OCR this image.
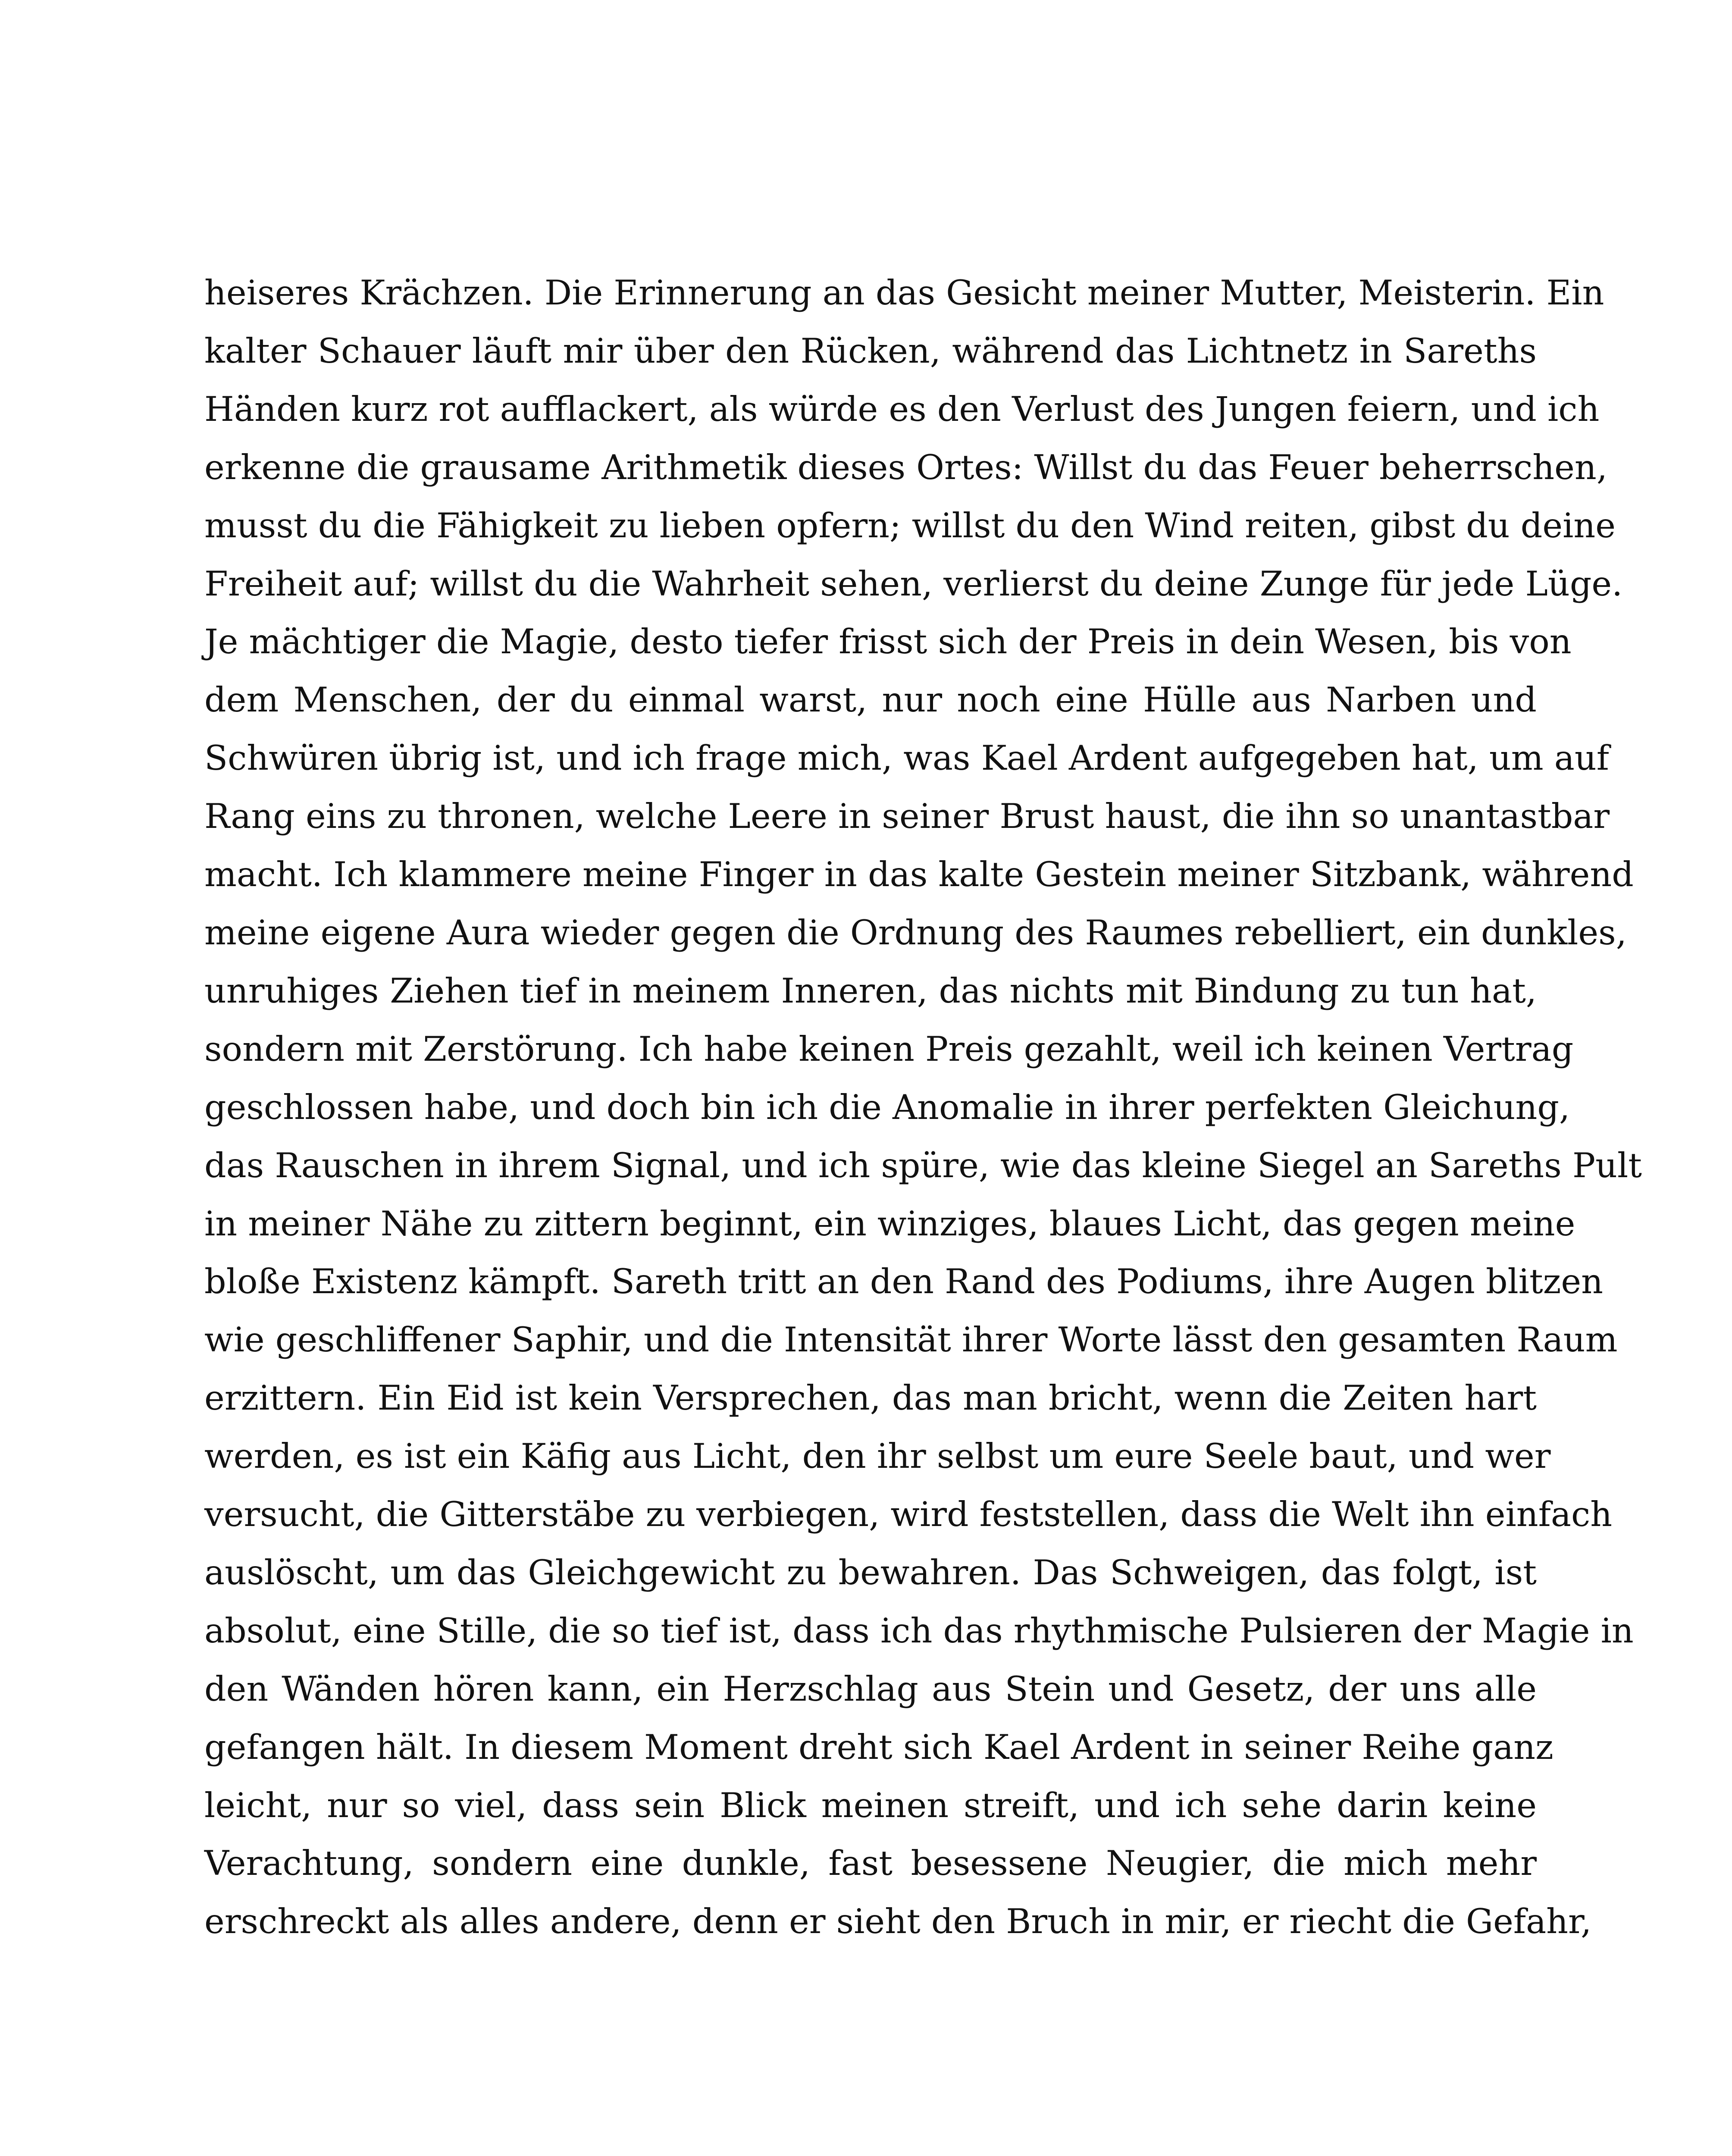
heiseres Krächzen. Die Erinnerung an das Gesicht meiner Mutter, Meisterin. Ein
kalter Schauer läuft mir über den Rücken, während das Lichtnetz in Sareths
Händen kurz rot aufflackert, als würde es den Verlust des Jungen feiern, und ich
erkenne die grausame Arithmetik dieses Ortes: Willst du das Feuer beherrschen,
musst du die Fähigkeit zu lieben opfern; willst du den Wind reiten, gibst du deine
Freiheit auf; willst du die Wahrheit sehen, verlierst du deine Zunge für jede Lüge.
Je mächtiger die Magie, desto tiefer frisst sich der Preis in dein Wesen, bis von
dem Menschen, der du einmal warst, nur noch eine Hülle aus Narben und
Schwüren übrig ist, und ich frage mich, was Kael Ardent aufgegeben hat, um auf
Rang eins zu thronen, welche Leere in seiner Brust haust, die ihn so unantastbar
macht. Ich klammere meine Finger in das kalte Gestein meiner Sitzbank, während
meine eigene Aura wieder gegen die Ordnung des Raumes rebelliert, ein dunkles,
unruhiges Ziehen tief in meinem Inneren, das nichts mit Bindung zu tun hat,
sondern mit Zerstörung. Ich habe keinen Preis gezahlt, weil ich keinen Vertrag
geschlossen habe, und doch bin ich die Anomalie in ihrer perfekten Gleichung,
das Rauschen in ihrem Signal, und ich spüre, wie das kleine Siegel an Sareths Pult
in meiner Nähe zu zittern beginnt, ein winziges, blaues Licht, das gegen meine
bloße Existenz kämpft. Sareth tritt an den Rand des Podiums, ihre Augen blitzen
wie geschliffener Saphir, und die Intensität ihrer Worte lässt den gesamten Raum
erzittern. Ein Eid ist kein Versprechen, das man bricht, wenn die Zeiten hart
werden, es ist ein Käfig aus Licht, den ihr selbst um eure Seele baut, und wer
versucht, die Gitterstäbe zu verbiegen, wird feststellen, dass die Welt ihn einfach
auslöscht, um das Gleichgewicht zu bewahren. Das Schweigen, das folgt, ist
absolut, eine Stille, die so tief ist, dass ich das rhythmische Pulsieren der Magie in
den Wänden hören kann, ein Herzschlag aus Stein und Gesetz, der uns alle
gefangen hält. In diesem Moment dreht sich Kael Ardent in seiner Reihe ganz
leicht, nur so viel, dass sein Blick meinen streift, und ich sehe darin keine
Verachtung, sondern eine dunkle, fast besessene Neugier, die mich mehr
erschreckt als alles andere, denn er sieht den Bruch in mir, er riecht die Gefahr,
